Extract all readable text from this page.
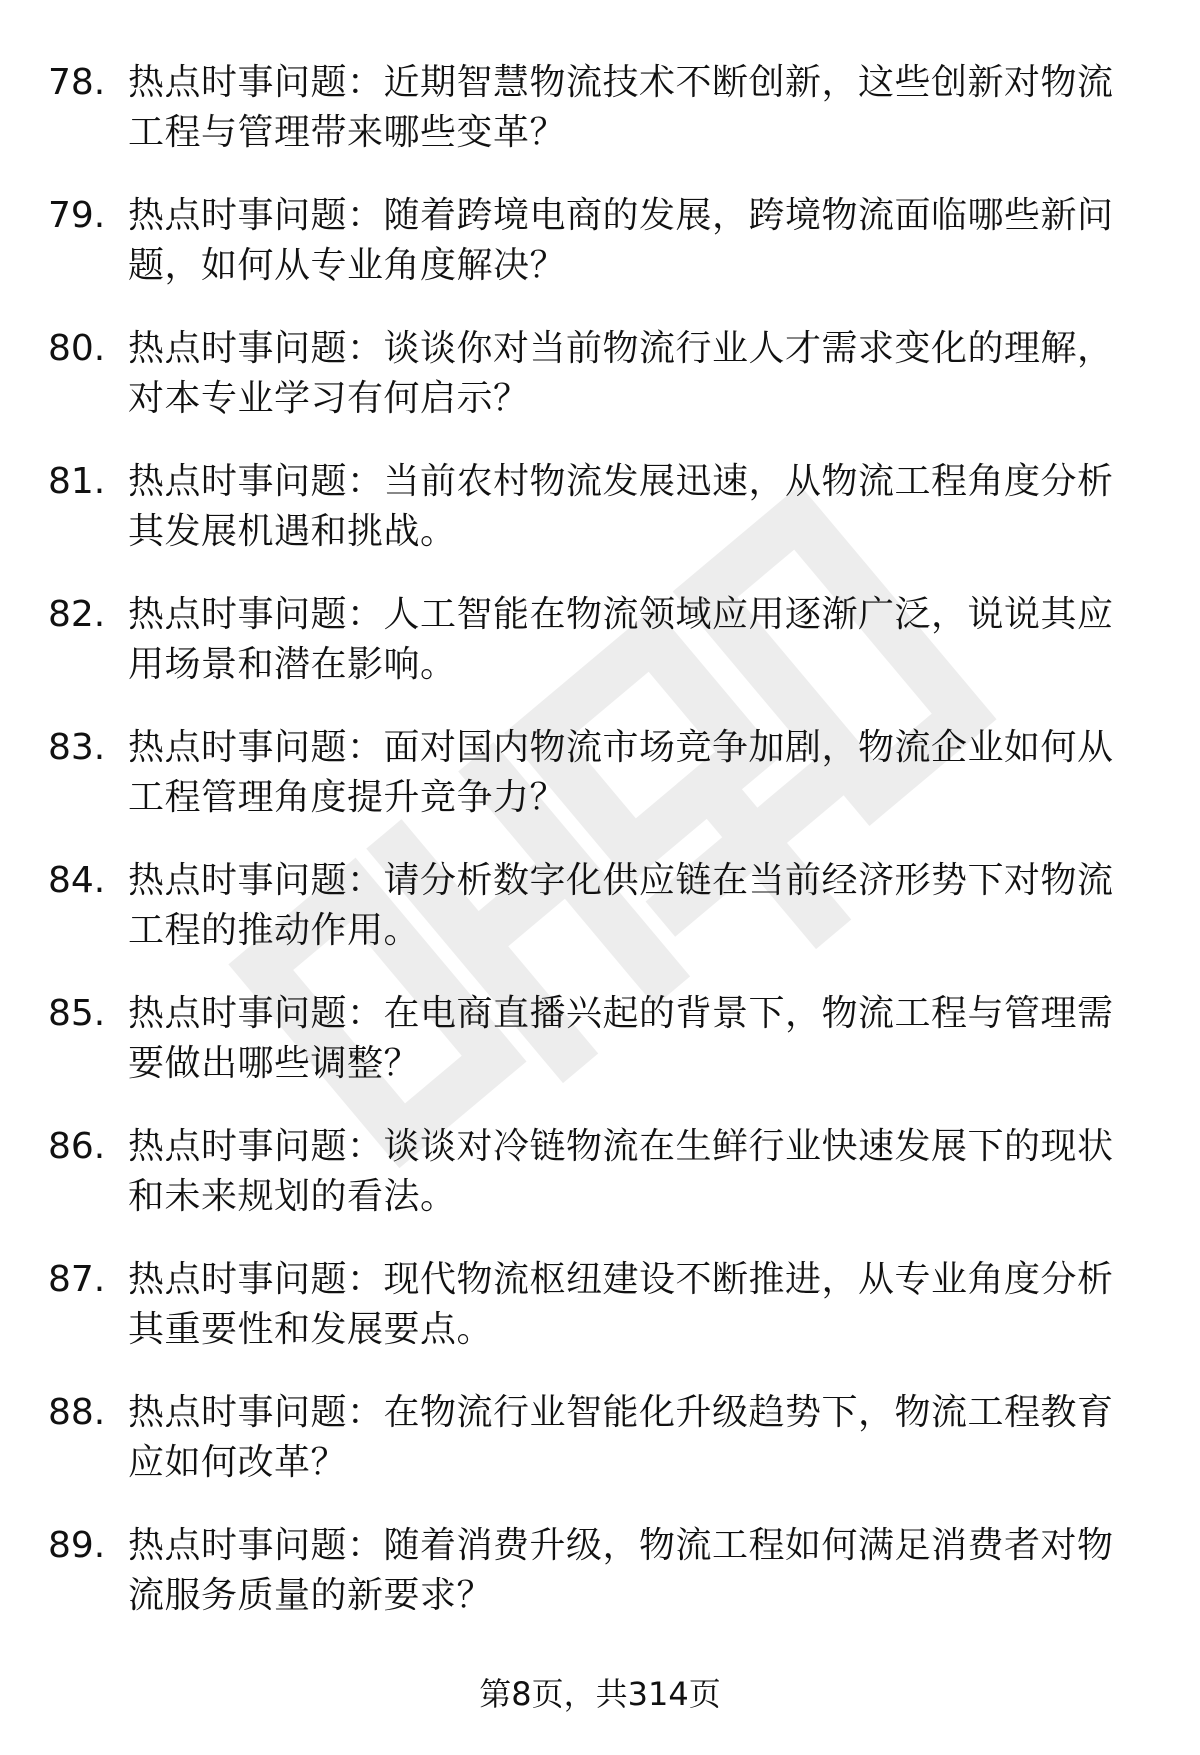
78. 热点时事问题：近期智慧物流技术不断创新，这些创新对物流工程与管理带来哪些变革？
79. 热点时事问题：随着跨境电商的发展，跨境物流面临哪些新问题，如何从专业角度解决？
80. 热点时事问题：谈谈你对当前物流行业人才需求变化的理解，对本专业学习有何启示？
81. 热点时事问题：当前农村物流发展迅速，从物流工程角度分析其发展机遇和挑战。
82. 热点时事问题：人工智能在物流领域应用逐渐广泛，说说其应用场景和潜在影响。
83. 热点时事问题：面对国内物流市场竞争加剧，物流企业如何从工程管理角度提升竞争力？
84. 热点时事问题：请分析数字化供应链在当前经济形势下对物流工程的推动作用。
85. 热点时事问题：在电商直播兴起的背景下，物流工程与管理需要做出哪些调整？
86. 热点时事问题：谈谈对冷链物流在生鲜行业快速发展下的现状和未来规划的看法。
87. 热点时事问题：现代物流枢纽建设不断推进，从专业角度分析其重要性和发展要点。
88. 热点时事问题：在物流行业智能化升级趋势下，物流工程教育应如何改革？
89. 热点时事问题：随着消费升级，物流工程如何满足消费者对物流服务质量的新要求？
第8页，共314页
